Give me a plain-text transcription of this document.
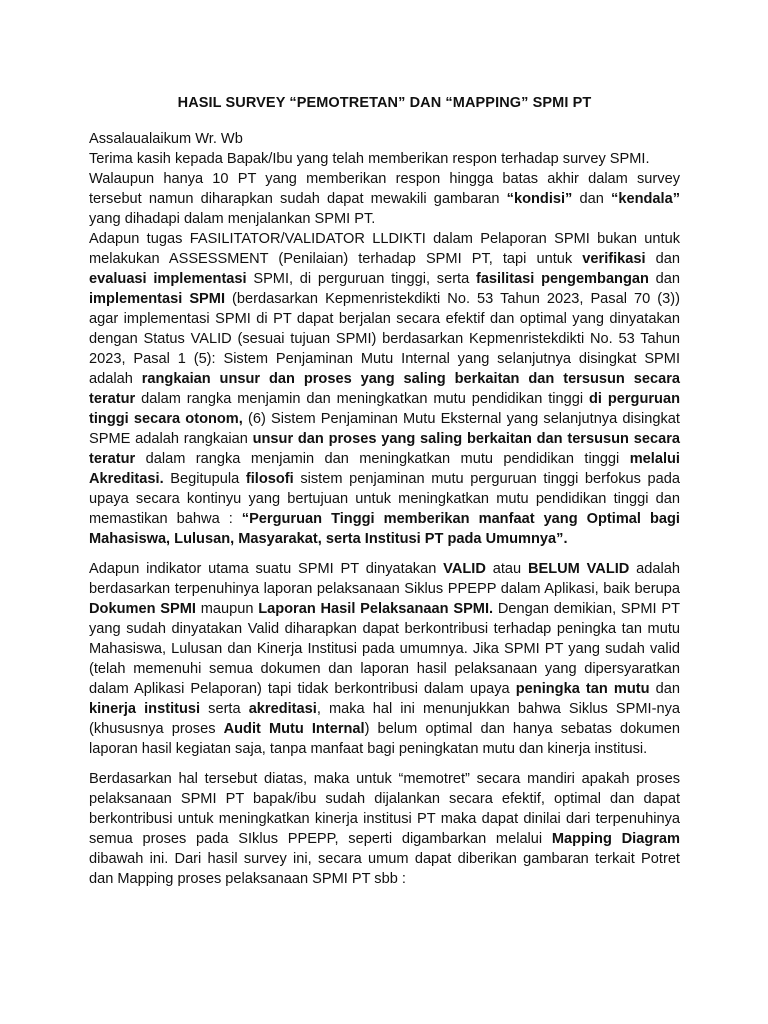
HASIL SURVEY “PEMOTRETAN” DAN “MAPPING” SPMI PT

Assalaualaikum Wr. Wb
Terima kasih kepada Bapak/Ibu yang telah memberikan respon terhadap survey SPMI.
Walaupun hanya 10 PT yang memberikan respon hingga batas akhir dalam survey tersebut namun diharapkan sudah dapat mewakili gambaran “kondisi” dan “kendala” yang dihadapi dalam menjalankan SPMI PT.
Adapun tugas FASILITATOR/VALIDATOR LLDIKTI dalam Pelaporan SPMI bukan untuk melakukan ASSESSMENT (Penilaian) terhadap SPMI PT, tapi untuk verifikasi dan evaluasi implementasi SPMI, di perguruan tinggi, serta fasilitasi pengembangan dan implementasi SPMI (berdasarkan Kepmenristekdikti No. 53 Tahun 2023, Pasal 70 (3)) agar implementasi SPMI di PT dapat berjalan secara efektif dan optimal yang dinyatakan dengan Status VALID (sesuai tujuan SPMI) berdasarkan Kepmenristekdikti No. 53 Tahun 2023, Pasal 1 (5): Sistem Penjaminan Mutu Internal yang selanjutnya disingkat SPMI adalah rangkaian unsur dan proses yang saling berkaitan dan tersusun secara teratur dalam rangka menjamin dan meningkatkan mutu pendidikan tinggi di perguruan tinggi secara otonom, (6) Sistem Penjaminan Mutu Eksternal yang selanjutnya disingkat SPME adalah rangkaian unsur dan proses yang saling berkaitan dan tersusun secara teratur dalam rangka menjamin dan meningkatkan mutu pendidikan tinggi melalui Akreditasi. Begitupula filosofi sistem penjaminan mutu perguruan tinggi berfokus pada upaya secara kontinyu yang bertujuan untuk meningkatkan mutu pendidikan tinggi dan memastikan bahwa : “Perguruan Tinggi memberikan manfaat yang Optimal bagi Mahasiswa, Lulusan, Masyarakat, serta Institusi PT pada Umumnya”.

Adapun indikator utama suatu SPMI PT dinyatakan VALID atau BELUM VALID adalah berdasarkan terpenuhinya laporan pelaksanaan Siklus PPEPP dalam Aplikasi, baik berupa Dokumen SPMI maupun Laporan Hasil Pelaksanaan SPMI. Dengan demikian, SPMI PT yang sudah dinyatakan Valid diharapkan dapat berkontribusi terhadap peningka tan mutu Mahasiswa, Lulusan dan Kinerja Institusi pada umumnya. Jika SPMI PT yang sudah valid (telah memenuhi semua dokumen dan laporan hasil pelaksanaan yang dipersyaratkan dalam Aplikasi Pelaporan) tapi tidak berkontribusi dalam upaya peningka tan mutu dan kinerja institusi serta akreditasi, maka hal ini menunjukkan bahwa Siklus SPMI-nya (khususnya proses Audit Mutu Internal) belum optimal dan hanya sebatas dokumen laporan hasil kegiatan saja, tanpa manfaat bagi peningkatan mutu dan kinerja institusi.

Berdasarkan hal tersebut diatas, maka untuk “memotret” secara mandiri apakah proses pelaksanaan SPMI PT bapak/ibu sudah dijalankan secara efektif, optimal dan dapat berkontribusi untuk meningkatkan kinerja institusi PT maka dapat dinilai dari terpenuhinya semua proses pada SIklus PPEPP, seperti digambarkan melalui Mapping Diagram dibawah ini. Dari hasil survey ini, secara umum dapat diberikan gambaran terkait Potret dan Mapping proses pelaksanaan SPMI PT sbb :
